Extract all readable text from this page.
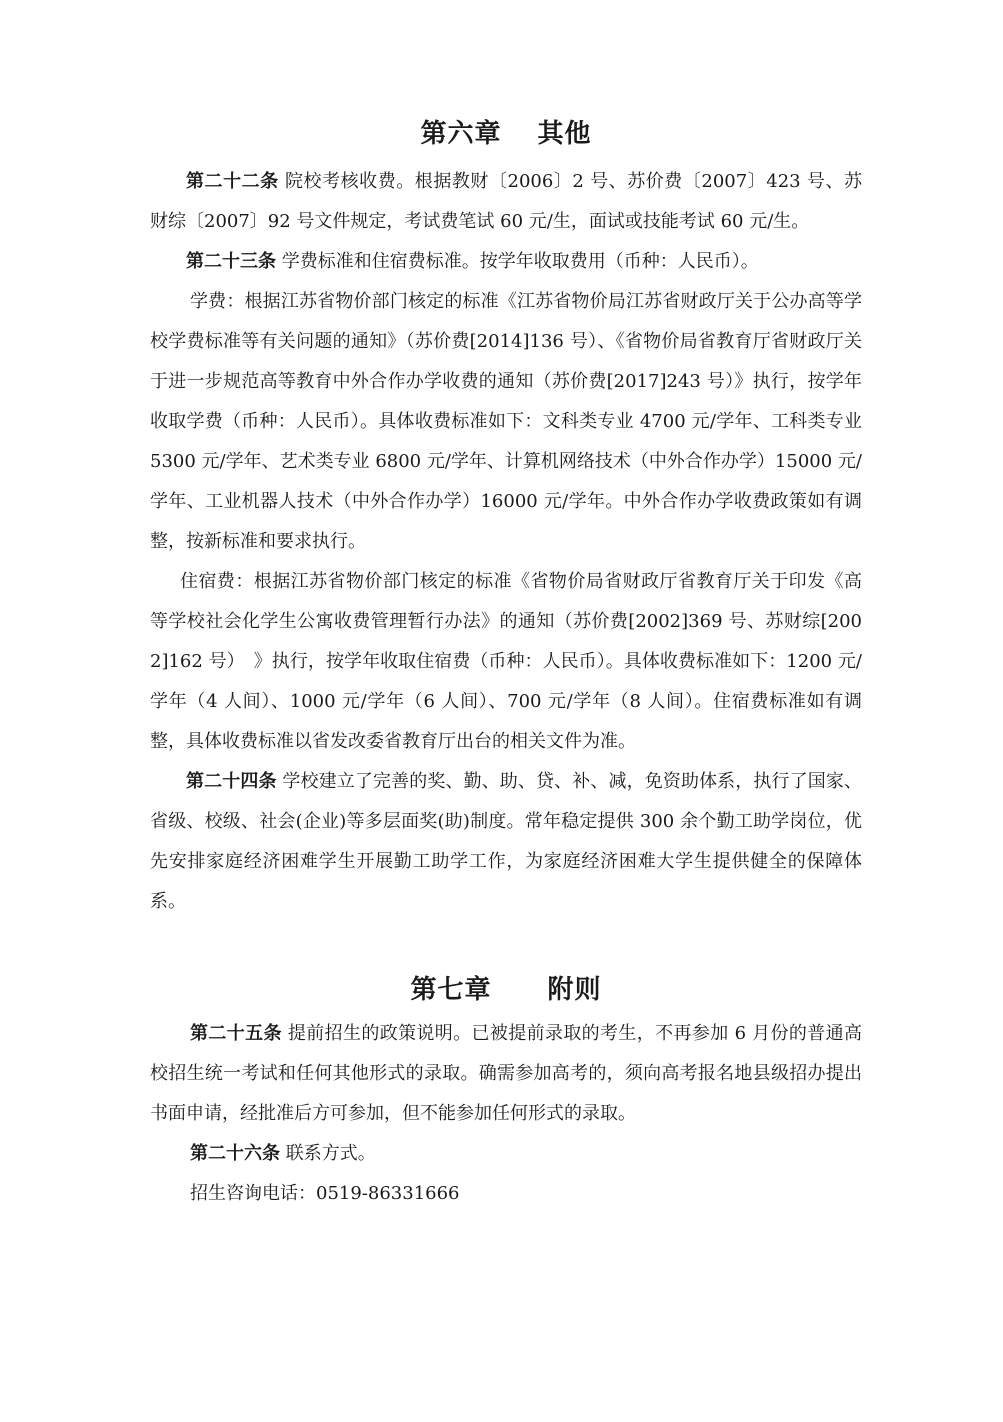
第六章 其他

第二十二条 院校考核收费。根据教财〔2006〕2 号、苏价费〔2007〕423 号、苏财综〔2007〕92 号文件规定，考试费笔试 60 元/生，面试或技能考试 60 元/生。

第二十三条 学费标准和住宿费标准。按学年收取费用（币种：人民币）。

学费：根据江苏省物价部门核定的标准《江苏省物价局江苏省财政厅关于公办高等学校学费标准等有关问题的通知》（苏价费[2014]136 号）、《省物价局省教育厅省财政厅关于进一步规范高等教育中外合作办学收费的通知（苏价费[2017]243 号）》执行，按学年收取学费（币种：人民币）。具体收费标准如下：文科类专业 4700 元/学年、工科类专业 5300 元/学年、艺术类专业 6800 元/学年、计算机网络技术（中外合作办学）15000 元/学年、工业机器人技术（中外合作办学）16000 元/学年。中外合作办学收费政策如有调整，按新标准和要求执行。

住宿费：根据江苏省物价部门核定的标准《省物价局省财政厅省教育厅关于印发《高等学校社会化学生公寓收费管理暂行办法》的通知（苏价费[2002]369 号、苏财综[2002]162 号）　》执行，按学年收取住宿费（币种：人民币）。具体收费标准如下：1200 元/学年（4 人间）、1000 元/学年（6 人间）、700 元/学年（8 人间）。住宿费标准如有调整，具体收费标准以省发改委省教育厅出台的相关文件为准。

第二十四条 学校建立了完善的奖、勤、助、贷、补、减，免资助体系，执行了国家、省级、校级、社会(企业)等多层面奖(助)制度。常年稳定提供 300 余个勤工助学岗位，优先安排家庭经济困难学生开展勤工助学工作，为家庭经济困难大学生提供健全的保障体系。

第七章 附则

第二十五条 提前招生的政策说明。已被提前录取的考生，不再参加 6 月份的普通高校招生统一考试和任何其他形式的录取。确需参加高考的，须向高考报名地县级招办提出书面申请，经批准后方可参加，但不能参加任何形式的录取。

第二十六条 联系方式。

招生咨询电话：0519-86331666
